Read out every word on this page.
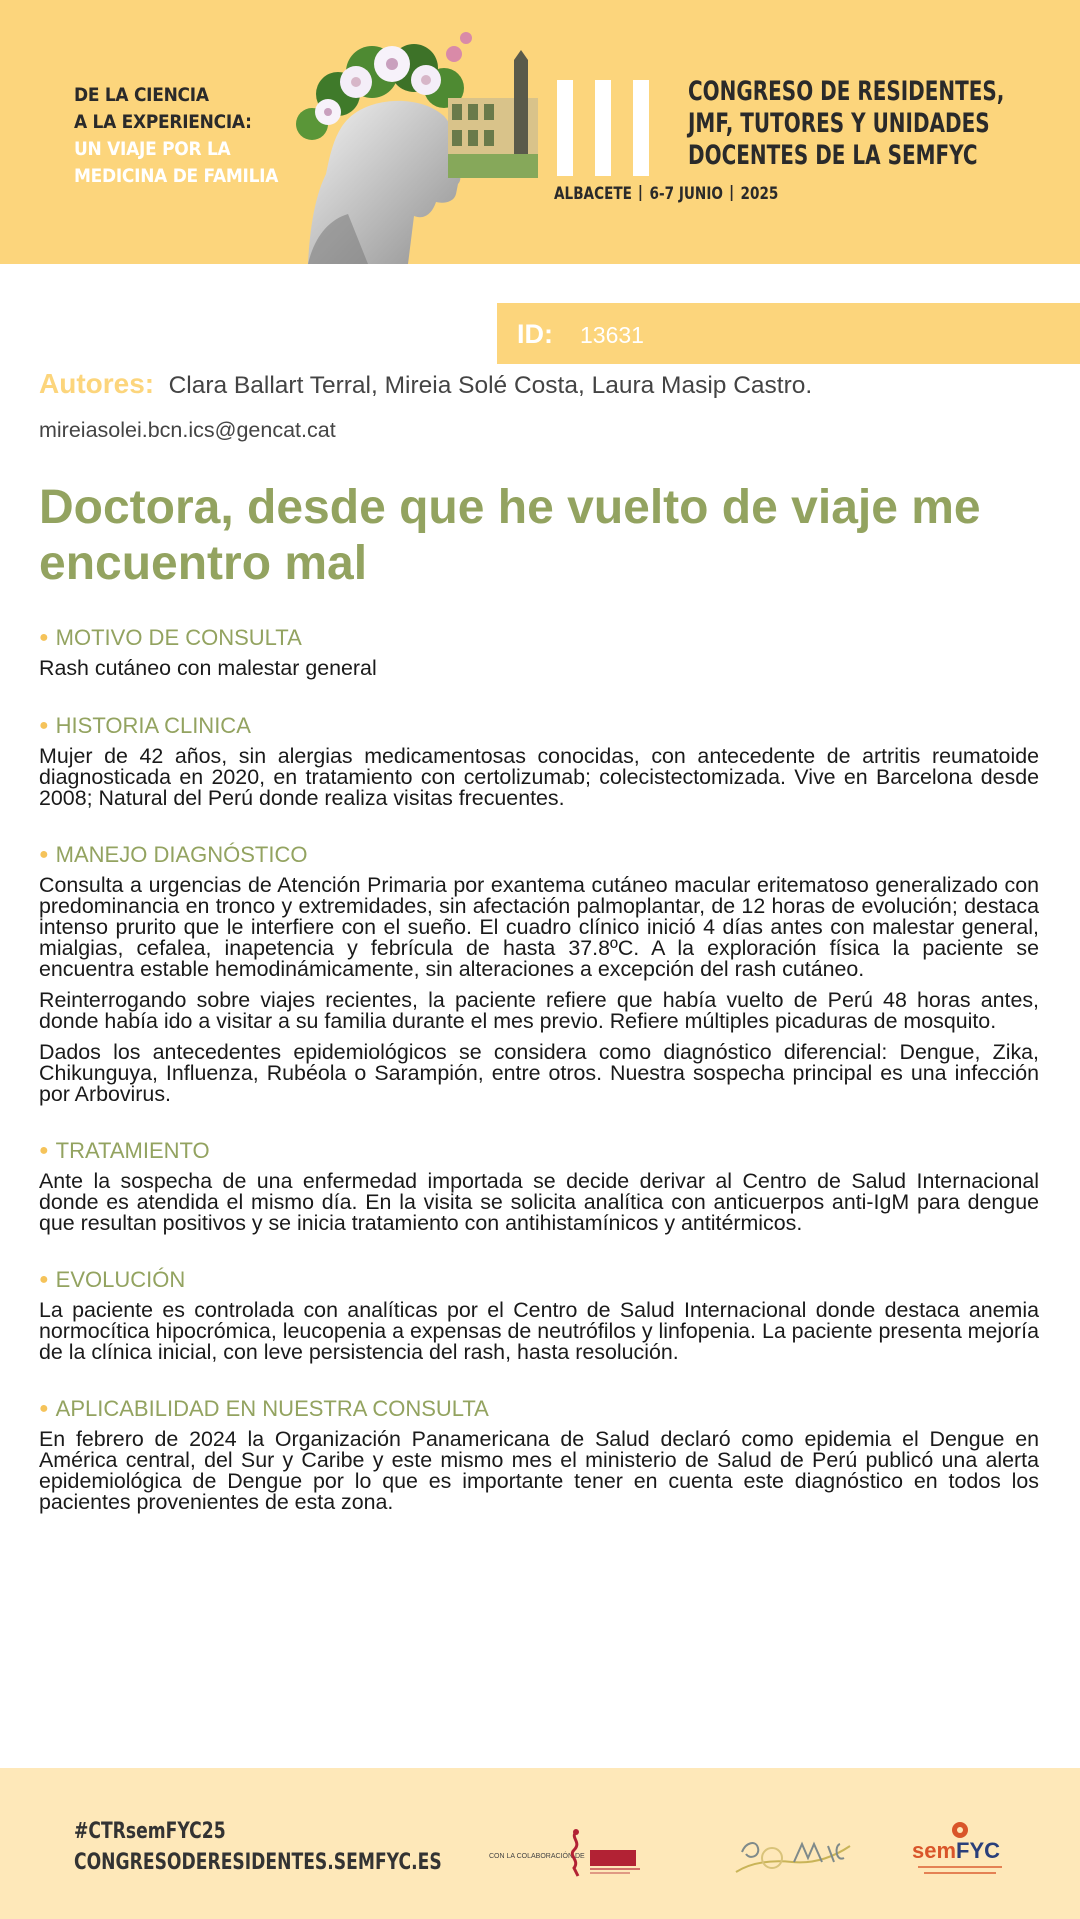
DE LA CIENCIA
A LA EXPERIENCIA:
UN VIAJE POR LA
MEDICINA DE FAMILIA
CONGRESO DE RESIDENTES,
JMF, TUTORES Y UNIDADES
DOCENTES DE LA SEMFYC
ALBACETE 6-7 JUNIO 2025
ID: 13631
Autores: Clara Ballart Terral, Mireia Solé Costa, Laura Masip Castro.
mireiasolei.bcn.ics@gencat.cat
Doctora, desde que he vuelto de viaje me encuentro mal
● MOTIVO DE CONSULTA

Rash cutáneo con malestar general

● HISTORIA CLINICA

Mujer de 42 años, sin alergias medicamentosas conocidas, con antecedente de artritis reumatoide diagnosticada en 2020, en tratamiento con certolizumab; colecistectomizada. Vive en Barcelona desde 2008; Natural del Perú donde realiza visitas frecuentes.

● MANEJO DIAGNÓSTICO

Consulta a urgencias de Atención Primaria por exantema cutáneo macular eritematoso generalizado con predominancia en tronco y extremidades, sin afectación palmoplantar, de 12 horas de evolución; destaca intenso prurito que le interfiere con el sueño. El cuadro clínico inició 4 días antes con malestar general, mialgias, cefalea, inapetencia y febrícula de hasta 37.8ºC. A la exploración física la paciente se encuentra estable hemodinámicamente, sin alteraciones a excepción del rash cutáneo.

Reinterrogando sobre viajes recientes, la paciente refiere que había vuelto de Perú 48 horas antes, donde había ido a visitar a su familia durante el mes previo. Refiere múltiples picaduras de mosquito.

Dados los antecedentes epidemiológicos se considera como diagnóstico diferencial: Dengue, Zika, Chikunguya, Influenza, Rubéola o Sarampión, entre otros. Nuestra sospecha principal es una infección por Arbovirus.

● TRATAMIENTO

Ante la sospecha de una enfermedad importada se decide derivar al Centro de Salud Internacional donde es atendida el mismo día. En la visita se solicita analítica con anticuerpos anti-IgM para dengue que resultan positivos y se inicia tratamiento con antihistamínicos y antitérmicos.

● EVOLUCIÓN

La paciente es controlada con analíticas por el Centro de Salud Internacional donde destaca anemia normocítica hipocrómica, leucopenia a expensas de neutrófilos y linfopenia. La paciente presenta mejoría de la clínica inicial, con leve persistencia del rash, hasta resolución.

● APLICABILIDAD EN NUESTRA CONSULTA

En febrero de 2024 la Organización Panamericana de Salud declaró como epidemia el Dengue en América central, del Sur y Caribe y este mismo mes el ministerio de Salud de Perú publicó una alerta epidemiológica de Dengue por lo que es importante tener en cuenta este diagnóstico en todos los pacientes provenientes de esta zona.

#CTRsemFYC25
CONGRESODERESIDENTES.SEMFYC.ES	CON LA COLABORACIÓN DE	sem FYC
